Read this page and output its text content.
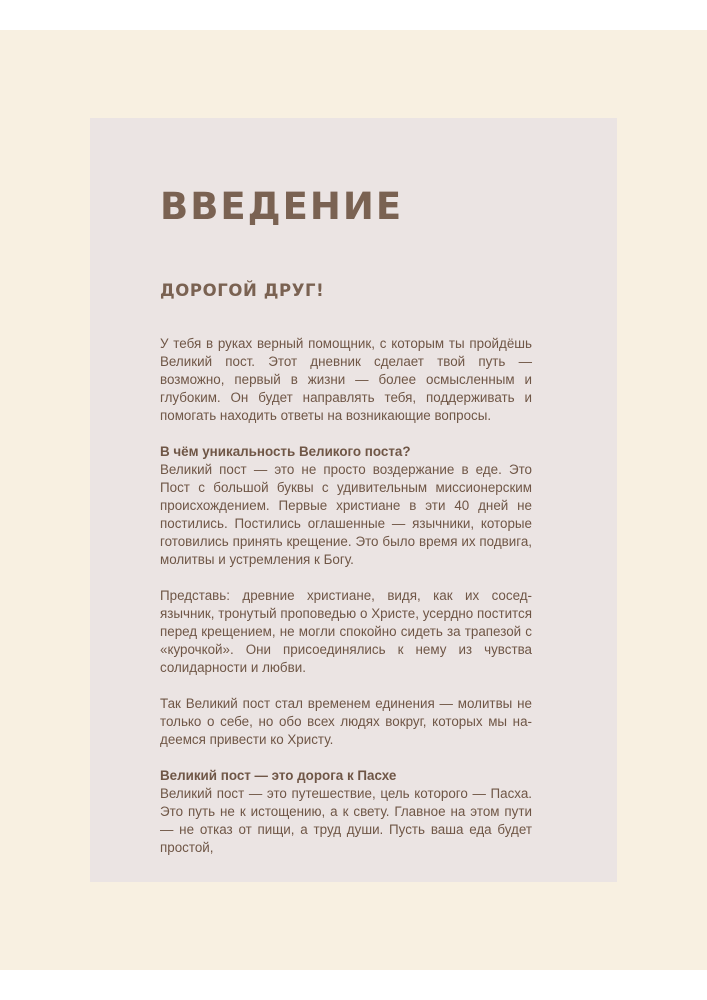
ВВЕДЕНИЕ
ДОРОГОЙ ДРУГ!

У тебя в руках верный помощник, с которым ты пройдёшь Великий пост. Этот дневник сделает твой путь — возможно, первый в жизни — более осмысленным и глубоким. Он будет направлять тебя, поддерживать и помогать находить ответы на возникающие вопросы.

В чём уникальность Великого поста?

Великий пост — это не просто воздержание в еде. Это Пост с большой буквы с удивительным миссионерским происхождением. Первые христиане в эти 40 дней не постились. Постились оглашенные — язычники, которые готовились принять крещение. Это было время их подвига, молитвы и устремления к Богу.

Представь: древние христиане, видя, как их сосед-язычник, тронутый проповедью о Христе, усердно постится перед крещением, не могли спокойно сидеть за трапезой с «курочкой». Они присоединялись к нему из чувства солидарности и любви.

Так Великий пост стал временем единения — молитвы не только о себе, но обо всех людях вокруг, которых мы надеемся привести ко Христу.

Великий пост — это дорога к Пасхе

Великий пост — это путешествие, цель которого — Пасха. Это путь не к истощению, а к свету. Главное на этом пути — не отказ от пищи, а труд души. Пусть ваша еда будет простой,
